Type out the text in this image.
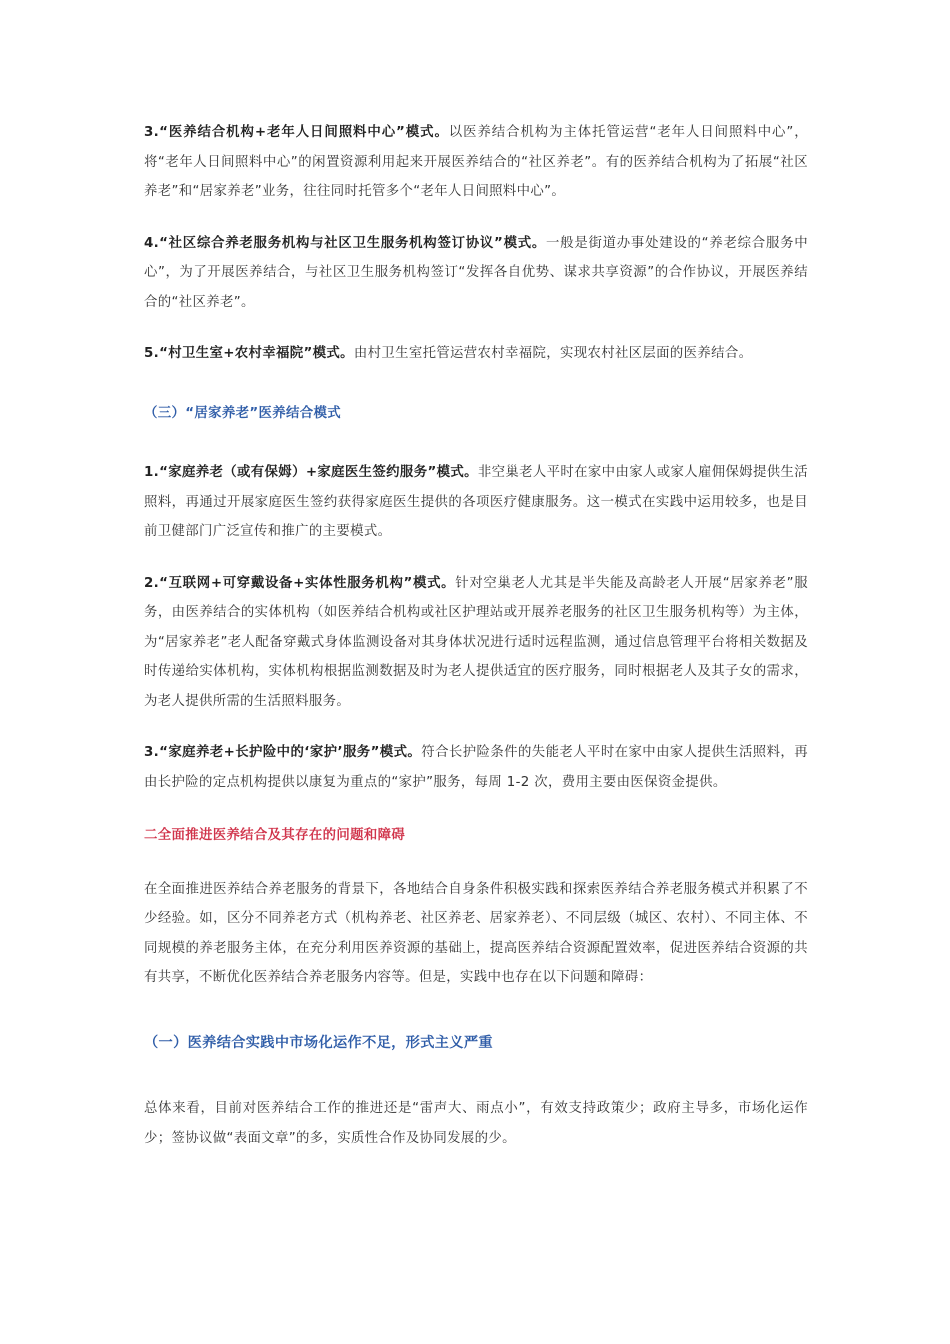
3.“医养结合机构+老年人日间照料中心”模式。以医养结合机构为主体托管运营“老年人日间照料中心”，将“老年人日间照料中心”的闲置资源利用起来开展医养结合的“社区养老”。有的医养结合机构为了拓展“社区养老”和“居家养老”业务，往往同时托管多个“老年人日间照料中心”。

4.“社区综合养老服务机构与社区卫生服务机构签订协议”模式。一般是街道办事处建设的“养老综合服务中心”，为了开展医养结合，与社区卫生服务机构签订“发挥各自优势、谋求共享资源”的合作协议，开展医养结合的“社区养老”。

5.“村卫生室+农村幸福院”模式。由村卫生室托管运营农村幸福院，实现农村社区层面的医养结合。

（三）“居家养老”医养结合模式

1.“家庭养老（或有保姆）+家庭医生签约服务”模式。非空巢老人平时在家中由家人或家人雇佣保姆提供生活照料，再通过开展家庭医生签约获得家庭医生提供的各项医疗健康服务。这一模式在实践中运用较多，也是目前卫健部门广泛宣传和推广的主要模式。

2.“互联网+可穿戴设备+实体性服务机构”模式。针对空巢老人尤其是半失能及高龄老人开展“居家养老”服务，由医养结合的实体机构（如医养结合机构或社区护理站或开展养老服务的社区卫生服务机构等）为主体，为“居家养老”老人配备穿戴式身体监测设备对其身体状况进行适时远程监测，通过信息管理平台将相关数据及时传递给实体机构，实体机构根据监测数据及时为老人提供适宜的医疗服务，同时根据老人及其子女的需求，为老人提供所需的生活照料服务。

3.“家庭养老+长护险中的‘家护’服务”模式。符合长护险条件的失能老人平时在家中由家人提供生活照料，再由长护险的定点机构提供以康复为重点的“家护”服务，每周 1-2 次，费用主要由医保资金提供。

二全面推进医养结合及其存在的问题和障碍

在全面推进医养结合养老服务的背景下，各地结合自身条件积极实践和探索医养结合养老服务模式并积累了不少经验。如，区分不同养老方式（机构养老、社区养老、居家养老）、不同层级（城区、农村）、不同主体、不同规模的养老服务主体，在充分利用医养资源的基础上，提高医养结合资源配置效率，促进医养结合资源的共有共享，不断优化医养结合养老服务内容等。但是，实践中也存在以下问题和障碍：

（一）医养结合实践中市场化运作不足，形式主义严重

总体来看，目前对医养结合工作的推进还是“雷声大、雨点小”，有效支持政策少；政府主导多，市场化运作少；签协议做“表面文章”的多，实质性合作及协同发展的少。
